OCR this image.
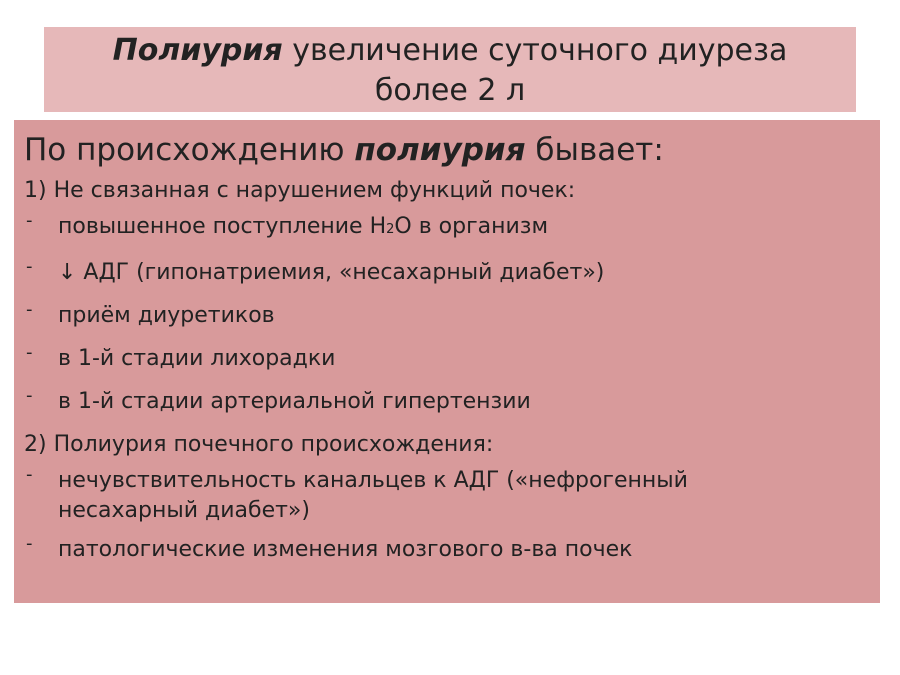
Полиурия увеличение суточного диуреза
более 2 л
По происхождению полиурия бывает:
1) Не связанная с нарушением функций почек:
- повышенное поступление H2O в организм
- ↓ АДГ (гипонатриемия, «несахарный диабет»)
- приём диуретиков
- в 1-й стадии лихорадки
- в 1-й стадии артериальной гипертензии
2) Полиурия почечного происхождения:
- нечувствительность канальцев к АДГ («нефрогенный
несахарный диабет»)
- патологические изменения мозгового в-ва почек
